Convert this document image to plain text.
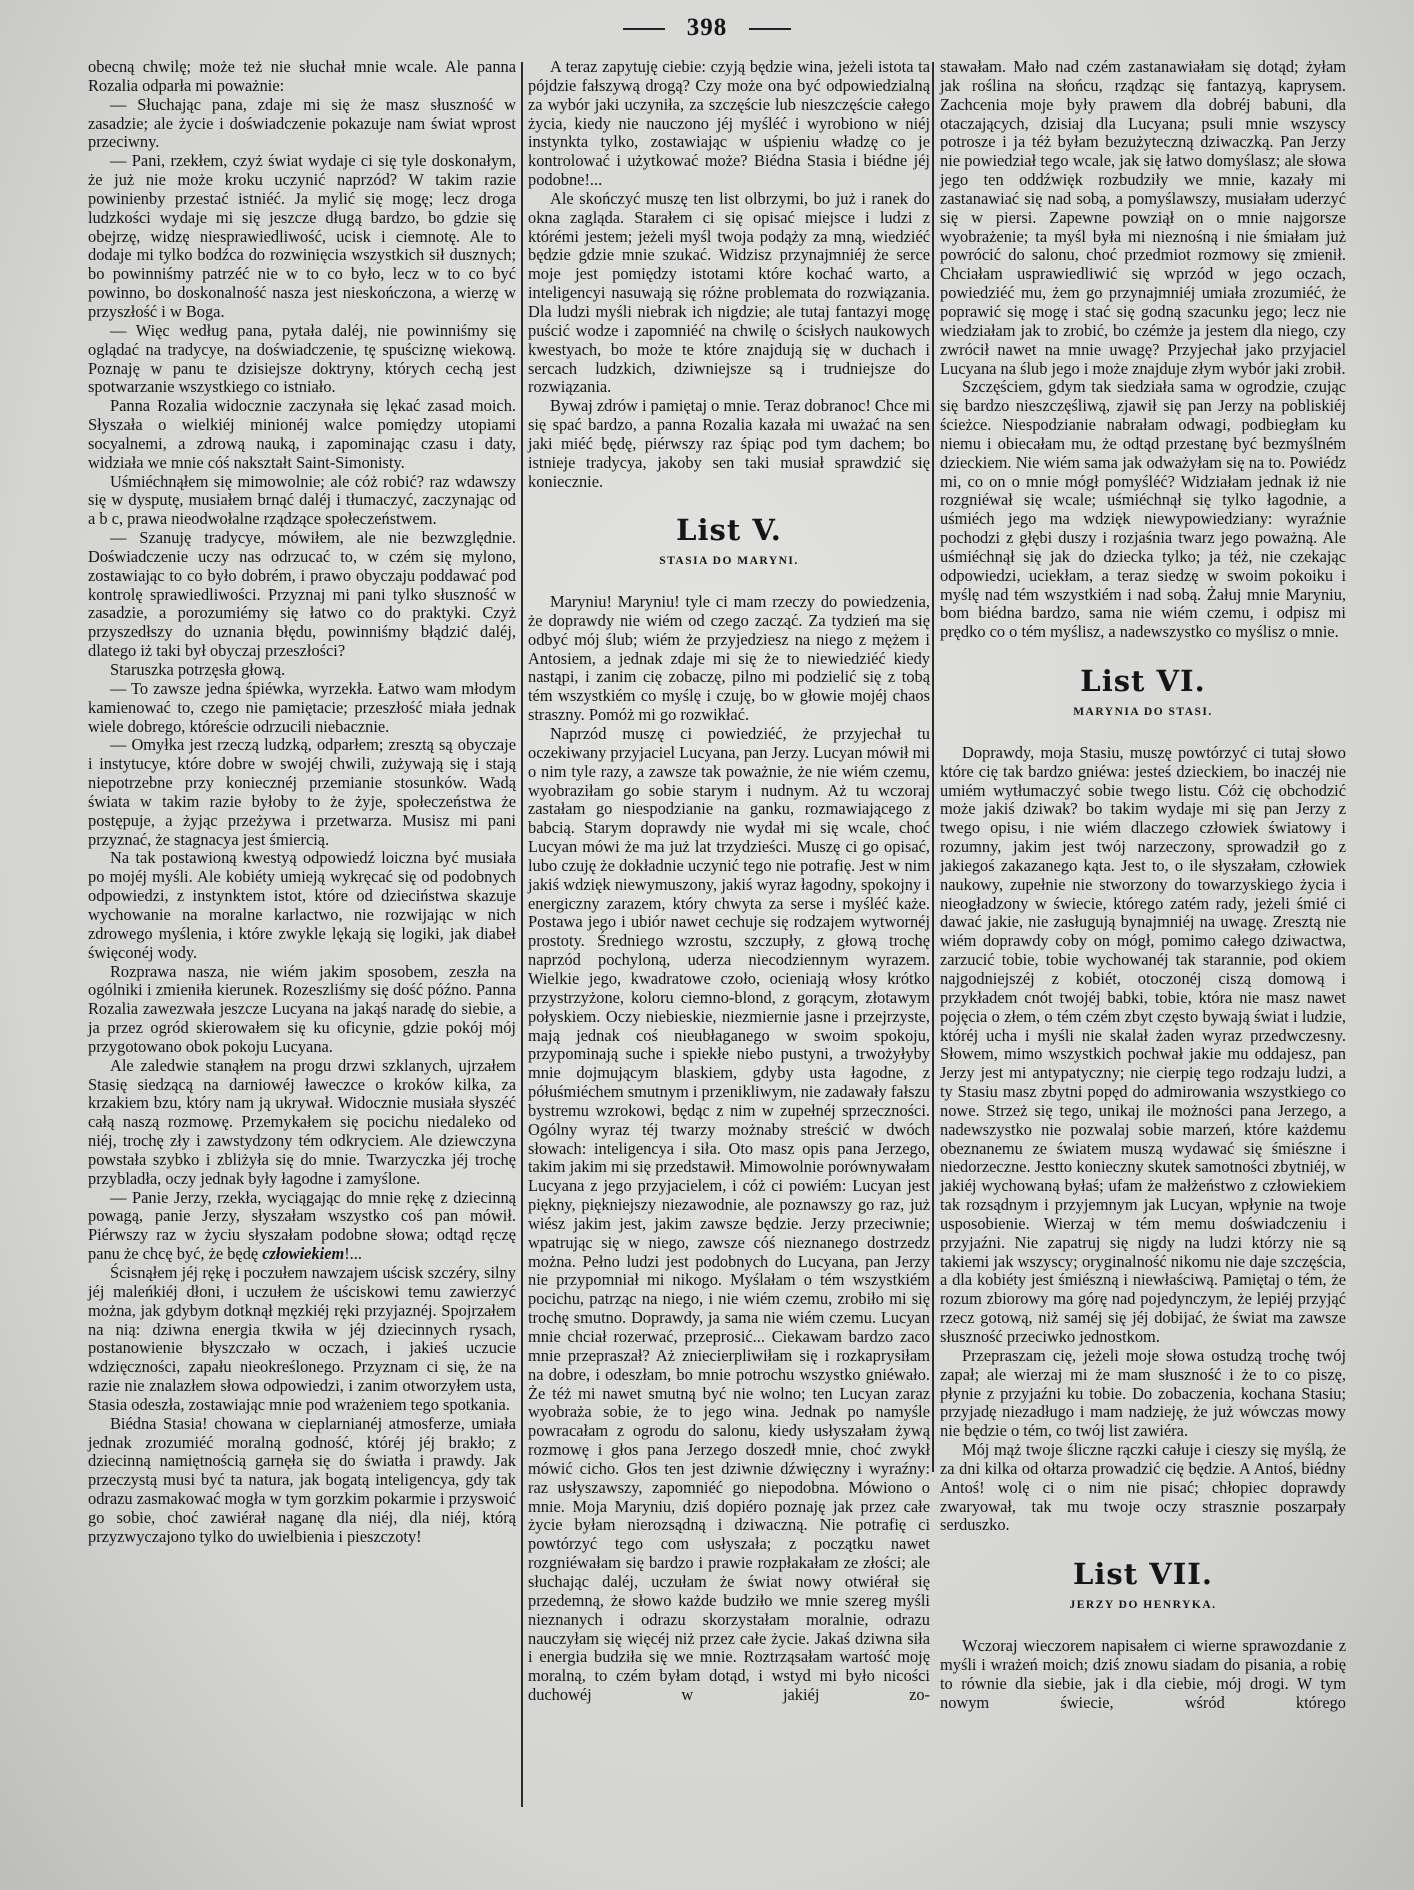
398

obecną chwilę; może też nie słuchał mnie wcale. Ale panna Rozalia odparła mi poważnie:

— Słuchając pana, zdaje mi się że masz słuszność w zasadzie; ale życie i doświadczenie pokazuje nam świat wprost przeciwny.

— Pani, rzekłem, czyż świat wydaje ci się tyle doskonałym, że już nie może kroku uczynić naprzód? W takim razie powinienby przestać istniéć. Ja mylić się mogę; lecz droga ludzkości wydaje mi się jeszcze długą bardzo, bo gdzie się obejrzę, widzę niesprawiedliwość, ucisk i ciemnotę. Ale to dodaje mi tylko bodźca do rozwinięcia wszystkich sił dusznych; bo powinniśmy patrzéć nie w to co było, lecz w to co być powinno, bo doskonalność nasza jest nieskończona, a wierzę w przyszłość i w Boga.

— Więc według pana, pytała daléj, nie powinniśmy się oglądać na tradycye, na doświadczenie, tę spuściznę wiekową. Poznaję w panu te dzisiejsze doktryny, których cechą jest spotwarzanie wszystkiego co istniało.

Panna Rozalia widocznie zaczynała się lękać zasad moich. Słyszała o wielkiéj minionéj walce pomiędzy utopiami socyalnemi, a zdrową nauką, i zapominając czasu i daty, widziała we mnie cóś nakształt Saint-Simonisty.

Uśmiéchnąłem się mimowolnie; ale cóż robić? raz wdawszy się w dysputę, musiałem brnąć daléj i tłumaczyć, zaczynając od a b c, prawa nieodwołalne rządzące społeczeństwem.

— Szanuję tradycye, mówiłem, ale nie bezwzględnie. Doświadczenie uczy nas odrzucać to, w czém się mylono, zostawiając to co było dobrém, i prawo obyczaju poddawać pod kontrolę sprawiedliwości. Przyznaj mi pani tylko słuszność w zasadzie, a porozumiémy się łatwo co do praktyki. Czyż przyszedłszy do uznania błędu, powinniśmy błądzić daléj, dlatego iż taki był obyczaj przeszłości?

Staruszka potrzęsła głową.

— To zawsze jedna śpiéwka, wyrzekła. Łatwo wam młodym kamienować to, czego nie pamiętacie; przeszłość miała jednak wiele dobrego, któreście odrzucili niebacznie.

— Omyłka jest rzeczą ludzką, odparłem; zresztą są obyczaje i instytucye, które dobre w swojéj chwili, zużywają się i stają niepotrzebne przy koniecznéj przemianie stosunków. Wadą świata w takim razie byłoby to że żyje, społeczeństwa że postępuje, a żyjąc przeżywa i przetwarza. Musisz mi pani przyznać, że stagnacya jest śmiercią.

Na tak postawioną kwestyą odpowiedź loiczna być musiała po mojéj myśli. Ale kobiéty umieją wykręcać się od podobnych odpowiedzi, z instynktem istot, które od dzieciństwa skazuje wychowanie na moralne karlactwo, nie rozwijając w nich zdrowego myślenia, i które zwykle lękają się logiki, jak diabeł święconéj wody.

Rozprawa nasza, nie wiém jakim sposobem, zeszła na ogólniki i zmieniła kierunek. Rozeszliśmy się dość późno. Panna Rozalia zawezwała jeszcze Lucyana na jakąś naradę do siebie, a ja przez ogród skierowałem się ku oficynie, gdzie pokój mój przygotowano obok pokoju Lucyana.

Ale zaledwie stanąłem na progu drzwi szklanych, ujrzałem Stasię siedzącą na darniowéj ławeczce o kroków kilka, za krzakiem bzu, który nam ją ukrywał. Widocznie musiała słyszéć całą naszą rozmowę. Przemykałem się pocichu niedaleko od niéj, trochę zły i zawstydzony tém odkryciem. Ale dziewczyna powstała szybko i zbliżyła się do mnie. Twarzyczka jéj trochę przybladła, oczy jednak były łagodne i zamyślone.

— Panie Jerzy, rzekła, wyciągając do mnie rękę z dziecinną powagą, panie Jerzy, słyszałam wszystko coś pan mówił. Piérwszy raz w życiu słyszałam podobne słowa; odtąd ręczę panu że chcę być, że będę człowiekiem!...

Ścisnąłem jéj rękę i poczułem nawzajem uścisk szczéry, silny jéj maleńkiéj dłoni, i uczułem że uściskowi temu zawierzyć można, jak gdybym dotknął męzkiéj ręki przyjaznéj. Spojrzałem na nią: dziwna energia tkwiła w jéj dziecinnych rysach, postanowienie błyszczało w oczach, i jakieś uczucie wdzięczności, zapału nieokreślonego. Przyznam ci się, że na razie nie znalazłem słowa odpowiedzi, i zanim otworzyłem usta, Stasia odeszła, zostawiając mnie pod wrażeniem tego spotkania.

Biédna Stasia! chowana w cieplarnianéj atmosferze, umiała jednak zrozumiéć moralną godność, któréj jéj brakło; z dziecinną namiętnością garnęła się do światła i prawdy. Jak przeczystą musi być ta natura, jak bogatą inteligencya, gdy tak odrazu zasmakować mogła w tym gorzkim pokarmie i przyswoić go sobie, choć zawiérał naganę dla niéj, dla niéj, którą przyzwyczajono tylko do uwielbienia i pieszczoty!

A teraz zapytuję ciebie: czyją będzie wina, jeżeli istota ta pójdzie fałszywą drogą? Czy może ona być odpowiedzialną za wybór jaki uczyniła, za szczęście lub nieszczęście całego życia, kiedy nie nauczono jéj myśléć i wyrobiono w niéj instynkta tylko, zostawiając w uśpieniu władzę co je kontrolować i użytkować może? Biédna Stasia i biédne jéj podobne!...

Ale skończyć muszę ten list olbrzymi, bo już i ranek do okna zagląda. Starałem ci się opisać miejsce i ludzi z którémi jestem; jeżeli myśl twoja podąży za mną, wiedziéć będzie gdzie mnie szukać. Widzisz przynajmniéj że serce moje jest pomiędzy istotami które kochać warto, a inteligencyi nasuwają się różne problemata do rozwiązania. Dla ludzi myśli niebrak ich nigdzie; ale tutaj fantazyi mogę puścić wodze i zapomniéć na chwilę o ścisłych naukowych kwestyach, bo może te które znajdują się w duchach i sercach ludzkich, dziwniejsze są i trudniejsze do rozwiązania.

Bywaj zdrów i pamiętaj o mnie. Teraz dobranoc! Chce mi się spać bardzo, a panna Rozalia kazała mi uważać na sen jaki miéć będę, piérwszy raz śpiąc pod tym dachem; bo istnieje tradycya, jakoby sen taki musiał sprawdzić się koniecznie.

List V.
STASIA DO MARYNI.

Maryniu! Maryniu! tyle ci mam rzeczy do powiedzenia, że doprawdy nie wiém od czego zacząć. Za tydzień ma się odbyć mój ślub; wiém że przyjedziesz na niego z mężem i Antosiem, a jednak zdaje mi się że to niewiedziéć kiedy nastąpi, i zanim cię zobaczę, pilno mi podzielić się z tobą tém wszystkiém co myślę i czuję, bo w głowie mojéj chaos straszny. Pomóż mi go rozwikłać.

Naprzód muszę ci powiedziéć, że przyjechał tu oczekiwany przyjaciel Lucyana, pan Jerzy. Lucyan mówił mi o nim tyle razy, a zawsze tak poważnie, że nie wiém czemu, wyobraziłam go sobie starym i nudnym. Aż tu wczoraj zastałam go niespodzianie na ganku, rozmawiającego z babcią. Starym doprawdy nie wydał mi się wcale, choć Lucyan mówi że ma już lat trzydzieści. Muszę ci go opisać, lubo czuję że dokładnie uczynić tego nie potrafię. Jest w nim jakiś wdzięk niewymuszony, jakiś wyraz łagodny, spokojny i energiczny zarazem, który chwyta za serse i myśléć każe. Postawa jego i ubiór nawet cechuje się rodzajem wytwornéj prostoty. Średniego wzrostu, szczupły, z głową trochę naprzód pochyloną, uderza niecodziennym wyrazem. Wielkie jego, kwadratowe czoło, ocieniają włosy krótko przystrzyżone, koloru ciemno-blond, z gorącym, złotawym połyskiem. Oczy niebieskie, niezmiernie jasne i przejrzyste, mają jednak coś nieubłaganego w swoim spokoju, przypominają suche i spiekłe niebo pustyni, a trwożyłyby mnie dojmującym blaskiem, gdyby usta łagodne, z półuśmiéchem smutnym i przenikliwym, nie zadawały fałszu bystremu wzrokowi, będąc z nim w zupełnéj sprzeczności. Ogólny wyraz téj twarzy możnaby streścić w dwóch słowach: inteligencya i siła. Oto masz opis pana Jerzego, takim jakim mi się przedstawił. Mimowolnie porównywałam Lucyana z jego przyjacielem, i cóż ci powiém: Lucyan jest piękny, piękniejszy niezawodnie, ale poznawszy go raz, już wiész jakim jest, jakim zawsze będzie. Jerzy przeciwnie; wpatrując się w niego, zawsze cóś nieznanego dostrzedz można. Pełno ludzi jest podobnych do Lucyana, pan Jerzy nie przypomniał mi nikogo. Myślałam o tém wszystkiém pocichu, patrząc na niego, i nie wiém czemu, zrobiło mi się trochę smutno. Doprawdy, ja sama nie wiém czemu. Lucyan mnie chciał rozerwać, przeprosić... Ciekawam bardzo zaco mnie przepraszał? Aż zniecierpliwiłam się i rozkaprysiłam na dobre, i odeszłam, bo mnie potrochu wszystko gniéwało. Że téż mi nawet smutną być nie wolno; ten Lucyan zaraz wyobraża sobie, że to jego wina. Jednak po namyśle powracałam z ogrodu do salonu, kiedy usłyszałam żywą rozmowę i głos pana Jerzego doszedł mnie, choć zwykł mówić cicho. Głos ten jest dziwnie dźwięczny i wyraźny: raz usłyszawszy, zapomniéć go niepodobna. Mówiono o mnie. Moja Maryniu, dziś dopiéro poznaję jak przez całe życie byłam nierozsądną i dziwaczną. Nie potrafię ci powtórzyć tego com usłyszała; z początku nawet rozgniéwałam się bardzo i prawie rozpłakałam ze złości; ale słuchając daléj, uczułam że świat nowy otwiérał się przedemną, że słowo każde budziło we mnie szereg myśli nieznanych i odrazu skorzystałam moralnie, odrazu nauczyłam się więcéj niż przez całe życie. Jakaś dziwna siła i energia budziła się we mnie. Roztrząsałam wartość moję moralną, to czém byłam dotąd, i wstyd mi było nicości duchowéj w jakiéj zo-

stawałam. Mało nad czém zastanawiałam się dotąd; żyłam jak roślina na słońcu, rządząc się fantazyą, kaprysem. Zachcenia moje były prawem dla dobréj babuni, dla otaczających, dzisiaj dla Lucyana; psuli mnie wszyscy potrosze i ja téż byłam bezużyteczną dziwaczką. Pan Jerzy nie powiedział tego wcale, jak się łatwo domyślasz; ale słowa jego ten oddźwięk rozbudziły we mnie, kazały mi zastanawiać się nad sobą, a pomyślawszy, musiałam uderzyć się w piersi. Zapewne powziął on o mnie najgorsze wyobrażenie; ta myśl była mi nieznośną i nie śmiałam już powrócić do salonu, choć przedmiot rozmowy się zmienił. Chciałam usprawiedliwić się wprzód w jego oczach, powiedziéć mu, żem go przynajmniéj umiała zrozumiéć, że poprawić się mogę i stać się godną szacunku jego; lecz nie wiedziałam jak to zrobić, bo czémże ja jestem dla niego, czy zwrócił nawet na mnie uwagę? Przyjechał jako przyjaciel Lucyana na ślub jego i może znajduje złym wybór jaki zrobił.

Szczęściem, gdym tak siedziała sama w ogrodzie, czując się bardzo nieszczęśliwą, zjawił się pan Jerzy na pobliskiéj ścieżce. Niespodzianie nabrałam odwagi, podbiegłam ku niemu i obiecałam mu, że odtąd przestanę być bezmyślném dzieckiem. Nie wiém sama jak odważyłam się na to. Powiédz mi, co on o mnie mógł pomyśléć? Widziałam jednak iż nie rozgniéwał się wcale; uśmiéchnął się tylko łagodnie, a uśmiéch jego ma wdzięk niewypowiedziany: wyraźnie pochodzi z głębi duszy i rozjaśnia twarz jego poważną. Ale uśmiéchnął się jak do dziecka tylko; ja téż, nie czekając odpowiedzi, uciekłam, a teraz siedzę w swoim pokoiku i myślę nad tém wszystkiém i nad sobą. Żałuj mnie Maryniu, bom biédna bardzo, sama nie wiém czemu, i odpisz mi prędko co o tém myślisz, a nadewszystko co myślisz o mnie.

List VI.
MARYNIA DO STASI.

Doprawdy, moja Stasiu, muszę powtórzyć ci tutaj słowo które cię tak bardzo gniéwa: jesteś dzieckiem, bo inaczéj nie umiém wytłumaczyć sobie twego listu. Cóż cię obchodzić może jakiś dziwak? bo takim wydaje mi się pan Jerzy z twego opisu, i nie wiém dlaczego człowiek światowy i rozumny, jakim jest twój narzeczony, sprowadził go z jakiegoś zakazanego kąta. Jest to, o ile słyszałam, człowiek naukowy, zupełnie nie stworzony do towarzyskiego życia i nieogładzony w świecie, którego zatém rady, jeżeli śmié ci dawać jakie, nie zasługują bynajmniéj na uwagę. Zresztą nie wiém doprawdy coby on mógł, pomimo całego dziwactwa, zarzucić tobie, tobie wychowanéj tak starannie, pod okiem najgodniejszéj z kobiét, otoczonéj ciszą domową i przykładem cnót twojéj babki, tobie, która nie masz nawet pojęcia o złem, o tém czém zbyt często bywają świat i ludzie, któréj ucha i myśli nie skalał żaden wyraz przedwczesny. Słowem, mimo wszystkich pochwał jakie mu oddajesz, pan Jerzy jest mi antypatyczny; nie cierpię tego rodzaju ludzi, a ty Stasiu masz zbytni popęd do admirowania wszystkiego co nowe. Strzeż się tego, unikaj ile możności pana Jerzego, a nadewszystko nie pozwalaj sobie marzeń, które każdemu obeznanemu ze światem muszą wydawać się śmiészne i niedorzeczne. Jestto konieczny skutek samotności zbytniéj, w jakiéj wychowaną byłaś; ufam że małżeństwo z człowiekiem tak rozsądnym i przyjemnym jak Lucyan, wpłynie na twoje usposobienie. Wierzaj w tém memu doświadczeniu i przyjaźni. Nie zapatruj się nigdy na ludzi którzy nie są takiemi jak wszyscy; oryginalność nikomu nie daje szczęścia, a dla kobiéty jest śmiészną i niewłaściwą. Pamiętaj o tém, że rozum zbiorowy ma górę nad pojedynczym, że lepiéj przyjąć rzecz gotową, niż saméj się jéj dobijać, że świat ma zawsze słuszność przeciwko jednostkom.

Przepraszam cię, jeżeli moje słowa ostudzą trochę twój zapał; ale wierzaj mi że mam słuszność i że to co piszę, płynie z przyjaźni ku tobie. Do zobaczenia, kochana Stasiu; przyjadę niezadługo i mam nadzieję, że już wówczas mowy nie będzie o tém, co twój list zawiéra.

Mój mąż twoje śliczne rączki całuje i cieszy się myślą, że za dni kilka od ołtarza prowadzić cię będzie. A Antoś, biédny Antoś! wolę ci o nim nie pisać; chłopiec doprawdy zwaryował, tak mu twoje oczy strasznie poszarpały serduszko.

List VII.
JERZY DO HENRYKA.

Wczoraj wieczorem napisałem ci wierne sprawozdanie z myśli i wrażeń moich; dziś znowu siadam do pisania, a robię to równie dla siebie, jak i dla ciebie, mój drogi. W tym nowym świecie, wśród którego
